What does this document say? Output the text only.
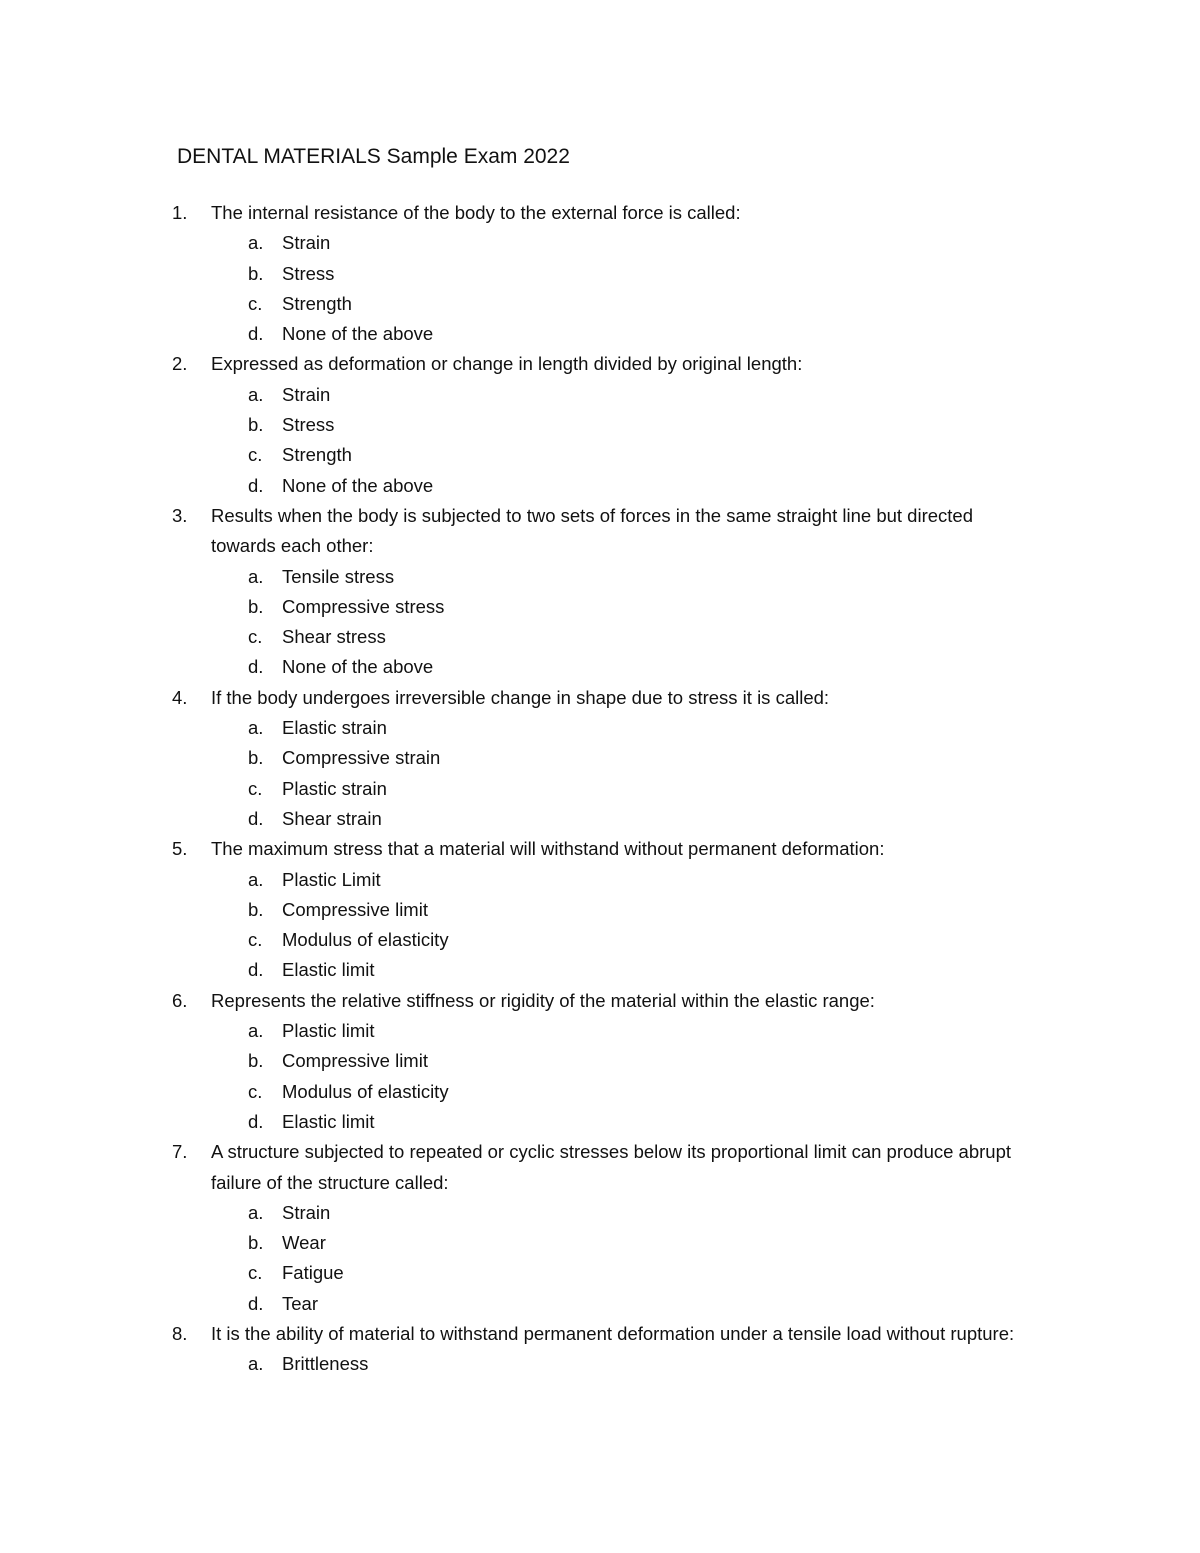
DENTAL MATERIALS Sample Exam 2022
1.	The internal resistance of the body to the external force is called:
a. Strain
b. Stress
c. Strength
d. None of the above
2.	Expressed as deformation or change in length divided by original length:
a. Strain
b. Stress
c. Strength
d. None of the above
3.	Results when the body is subjected to two sets of forces in the same straight line but directed towards each other:
a. Tensile stress
b. Compressive stress
c. Shear stress
d. None of the above
4.	If the body undergoes irreversible change in shape due to stress it is called:
a. Elastic strain
b. Compressive strain
c. Plastic strain
d. Shear strain
5.	The maximum stress that a material will withstand without permanent deformation:
a. Plastic Limit
b. Compressive limit
c. Modulus of elasticity
d. Elastic limit
6.	Represents the relative stiffness or rigidity of the material within the elastic range:
a. Plastic limit
b. Compressive limit
c. Modulus of elasticity
d. Elastic limit
7.	A structure subjected to repeated or cyclic stresses below its proportional limit can produce abrupt failure of the structure called:
a. Strain
b. Wear
c. Fatigue
d. Tear
8.	It is the ability of material to withstand permanent deformation under a tensile load without rupture:
a. Brittleness
